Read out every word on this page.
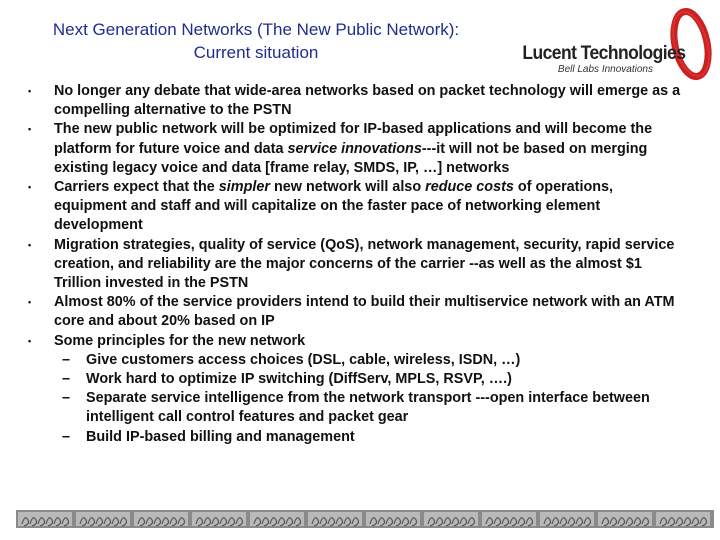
Next Generation Networks (The New Public Network):
Current situation	Lucent Technologies
Bell Labs Innovations
•	No longer any debate that wide-area networks based on packet technology will emerge as a compelling alternative to the PSTN
•	The new public network will be optimized for IP-based applications and will become the platform for future voice and data service innovations---it will not be based on merging existing legacy voice and data [frame relay, SMDS, IP, …] networks
•	Carriers expect that the simpler new network will also reduce costs of operations, equipment and staff and will capitalize on the faster pace of networking element development
•	Migration strategies, quality of service (QoS), network management, security, rapid service creation, and reliability are the major concerns of the carrier --as well as the almost $1 Trillion invested in the PSTN
•	Almost 80% of the service providers intend to build their multiservice network with an ATM core and about 20% based on IP
•	Some principles for the new network
–	Give customers access choices (DSL, cable, wireless, ISDN, …)
–	Work hard to optimize IP switching (DiffServ, MPLS, RSVP, ….)
–	Separate service intelligence from the network transport ---open interface between intelligent call control features and packet gear
–	Build IP-based billing and management
